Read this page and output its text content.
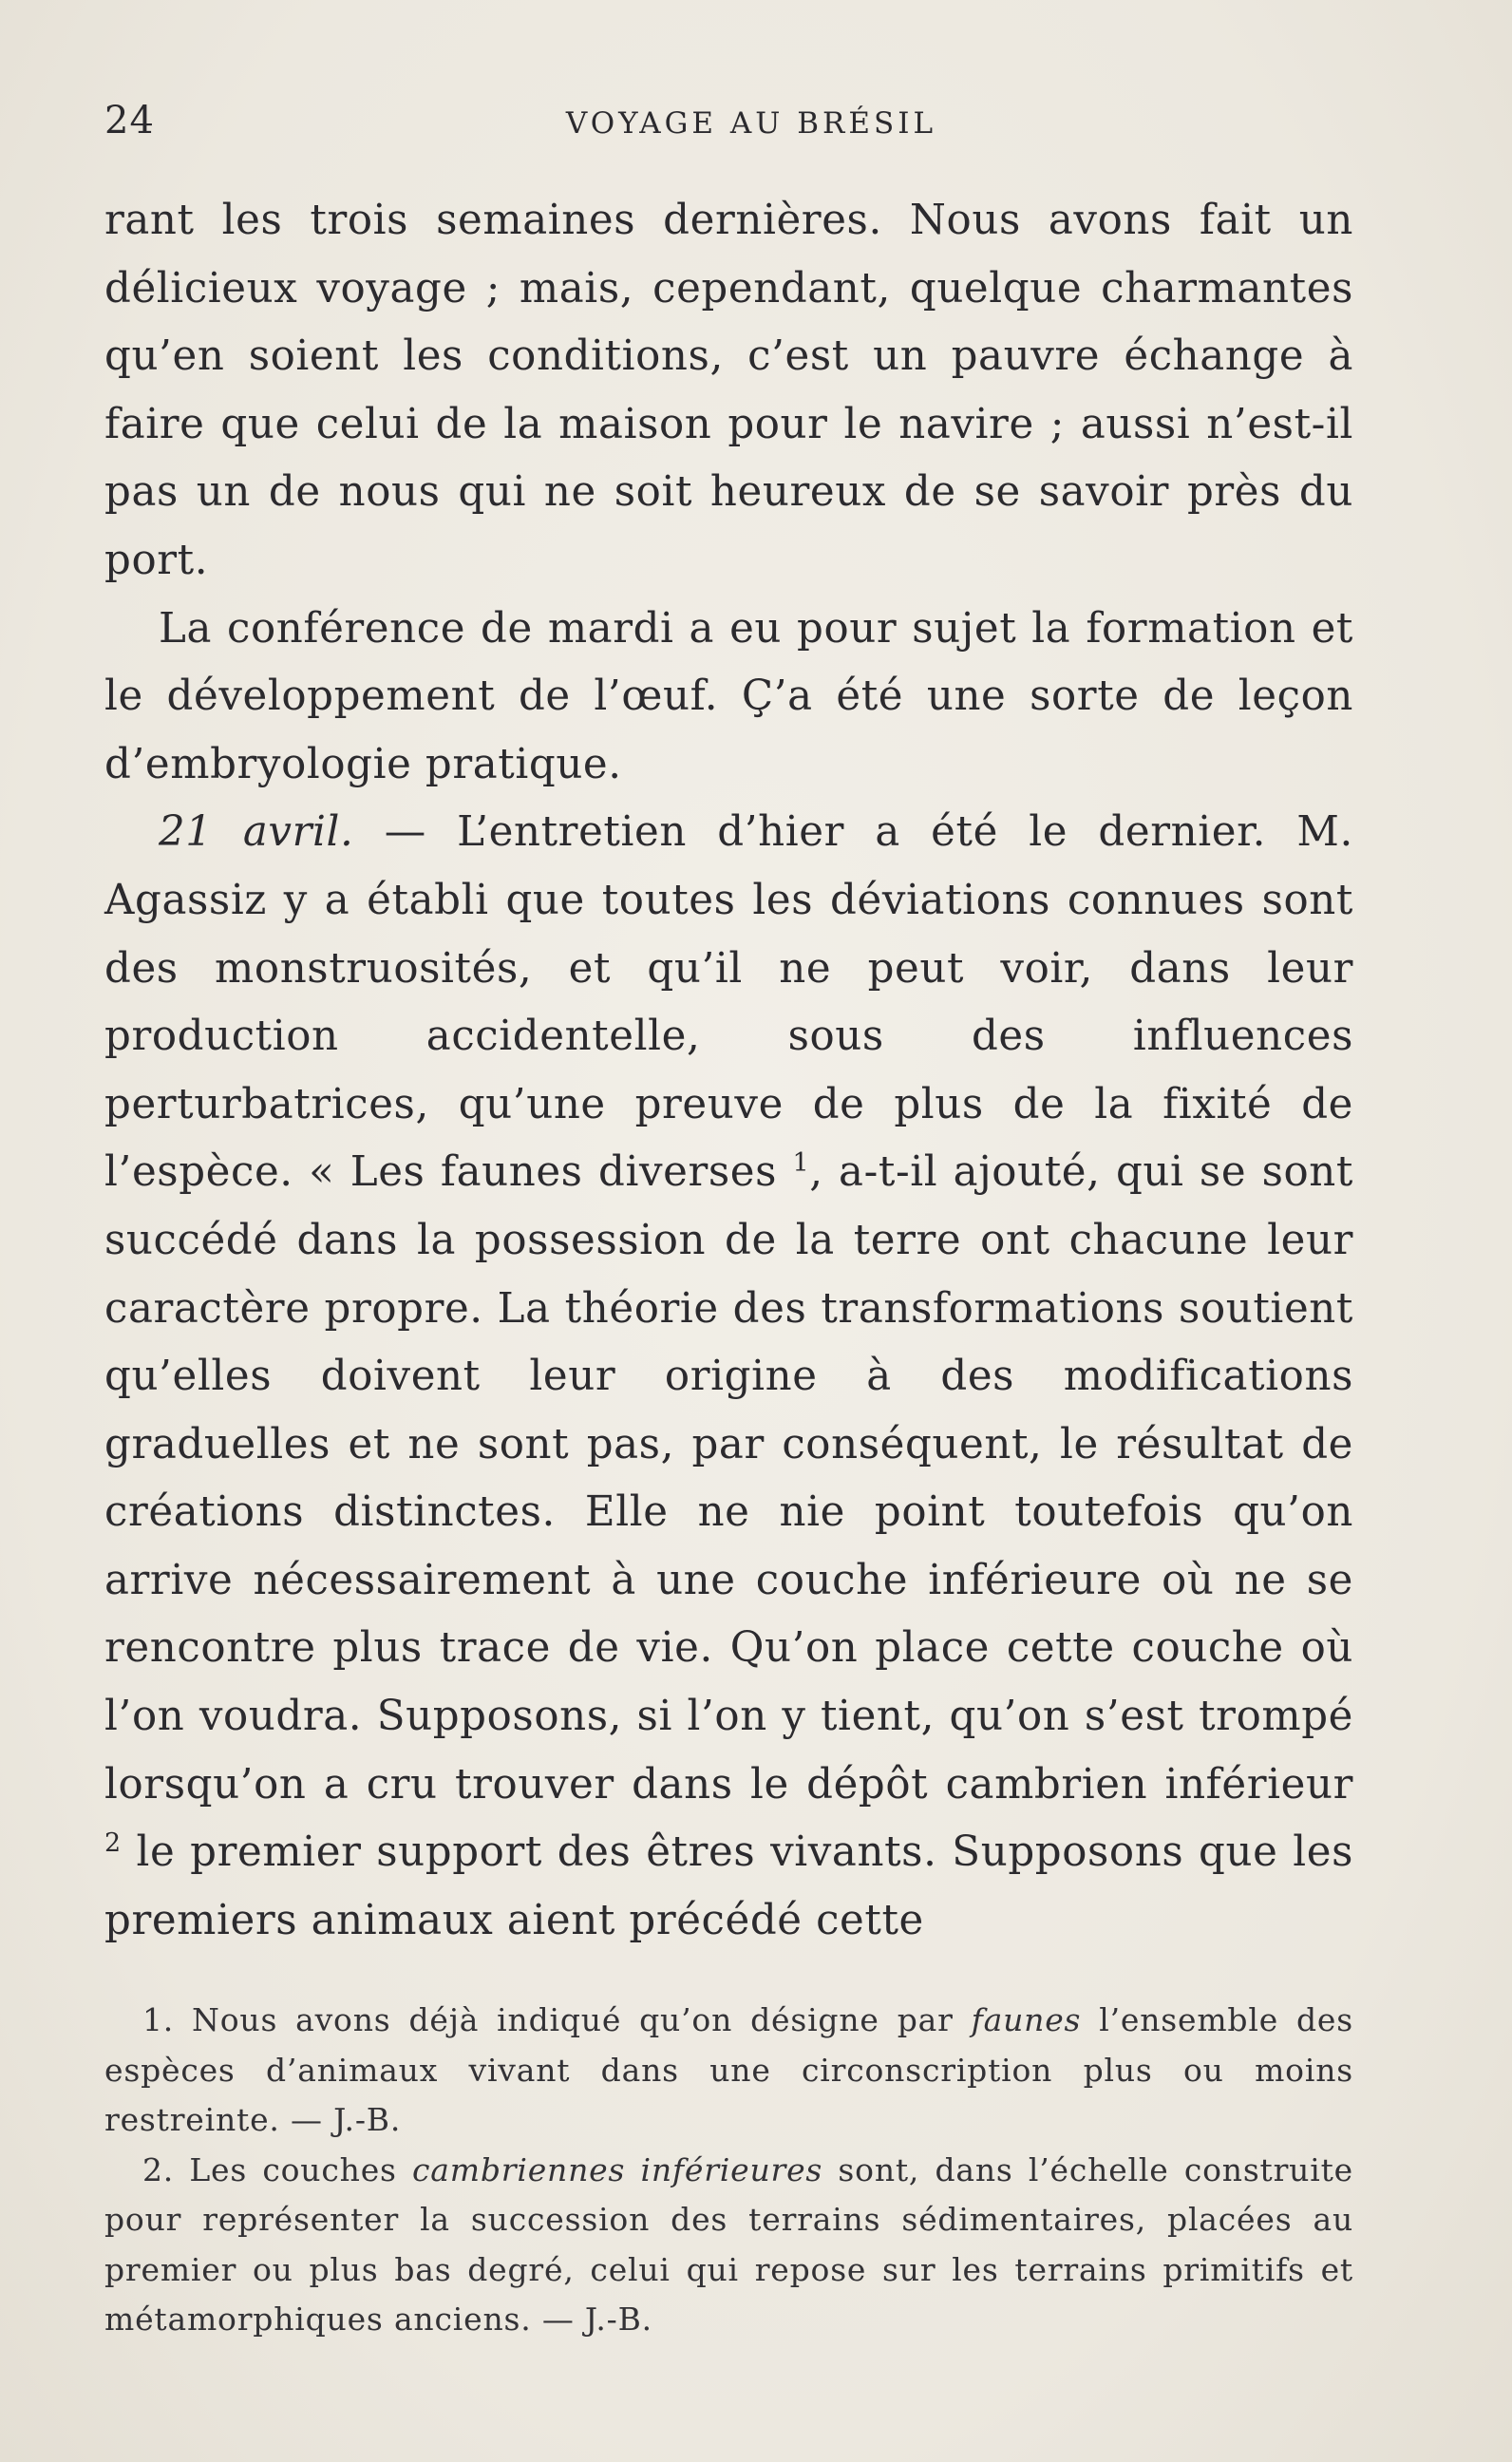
24	VOYAGE AU BRÉSIL

rant les trois semaines dernières. Nous avons fait un délicieux voyage ; mais, cependant, quelque charmantes qu’en soient les conditions, c’est un pauvre échange à faire que celui de la maison pour le navire ; aussi n’est-il pas un de nous qui ne soit heureux de se savoir près du port.

La conférence de mardi a eu pour sujet la formation et le développement de l’œuf. Ç’a été une sorte de leçon d’embryologie pratique.

21 avril. — L’entretien d’hier a été le dernier. M. Agassiz y a établi que toutes les déviations connues sont des monstruosités, et qu’il ne peut voir, dans leur production accidentelle, sous des influences perturbatrices, qu’une preuve de plus de la fixité de l’espèce. « Les faunes diverses $^1$, a-t-il ajouté, qui se sont succédé dans la possession de la terre ont chacune leur caractère propre. La théorie des transformations soutient qu’elles doivent leur origine à des modifications graduelles et ne sont pas, par conséquent, le résultat de créations distinctes. Elle ne nie point toutefois qu’on arrive nécessairement à une couche inférieure où ne se rencontre plus trace de vie. Qu’on place cette couche où l’on voudra. Supposons, si l’on y tient, qu’on s’est trompé lorsqu’on a cru trouver dans le dépôt cambrien inférieur $^2$ le premier support des êtres vivants. Supposons que les premiers animaux aient précédé cette

1. Nous avons déjà indiqué qu’on désigne par faunes l’ensemble des espèces d’animaux vivant dans une circonscription plus ou moins restreinte. — J.-B.

2. Les couches cambriennes inférieures sont, dans l’échelle construite pour représenter la succession des terrains sédimentaires, placées au premier ou plus bas degré, celui qui repose sur les terrains primitifs et métamorphiques anciens. — J.-B.
